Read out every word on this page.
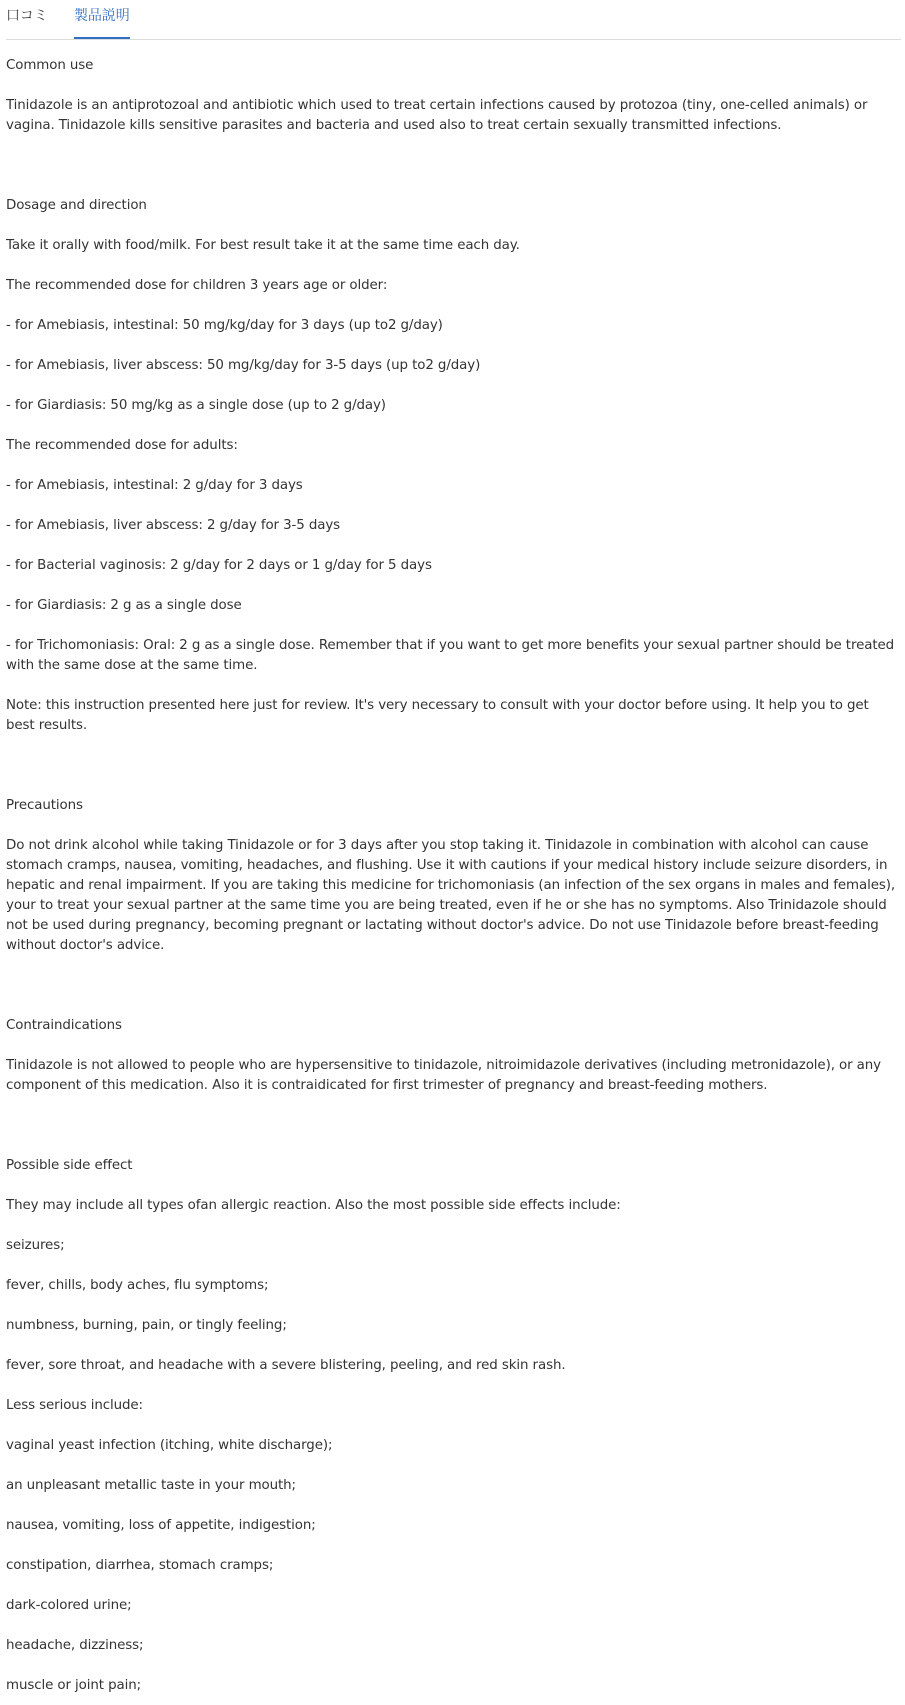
口コミ 製品説明
Common use

Tinidazole is an antiprotozoal and antibiotic which used to treat certain infections caused by protozoa (tiny, one-celled animals) or vagina. Tinidazole kills sensitive parasites and bacteria and used also to treat certain sexually transmitted infections.

Dosage and direction

Take it orally with food/milk. For best result take it at the same time each day.

The recommended dose for children 3 years age or older:

- for Amebiasis, intestinal: 50 mg/kg/day for 3 days (up to2 g/day)

- for Amebiasis, liver abscess: 50 mg/kg/day for 3-5 days (up to2 g/day)

- for Giardiasis: 50 mg/kg as a single dose (up to 2 g/day)

The recommended dose for adults:

- for Amebiasis, intestinal: 2 g/day for 3 days

- for Amebiasis, liver abscess: 2 g/day for 3-5 days

- for Bacterial vaginosis: 2 g/day for 2 days or 1 g/day for 5 days

- for Giardiasis: 2 g as a single dose

- for Trichomoniasis: Oral: 2 g as a single dose. Remember that if you want to get more benefits your sexual partner should be treated with the same dose at the same time.

Note: this instruction presented here just for review. It's very necessary to consult with your doctor before using. It help you to get best results.

Precautions

Do not drink alcohol while taking Tinidazole or for 3 days after you stop taking it. Tinidazole in combination with alcohol can cause stomach cramps, nausea, vomiting, headaches, and flushing. Use it with cautions if your medical history include seizure disorders, in hepatic and renal impairment. If you are taking this medicine for trichomoniasis (an infection of the sex organs in males and females), your to treat your sexual partner at the same time you are being treated, even if he or she has no symptoms. Also Trinidazole should not be used during pregnancy, becoming pregnant or lactating without doctor's advice. Do not use Tinidazole before breast-feeding without doctor's advice.

Contraindications

Tinidazole is not allowed to people who are hypersensitive to tinidazole, nitroimidazole derivatives (including metronidazole), or any component of this medication. Also it is contraidicated for first trimester of pregnancy and breast-feeding mothers.

Possible side effect

They may include all types ofan allergic reaction. Also the most possible side effects include:

seizures;

fever, chills, body aches, flu symptoms;

numbness, burning, pain, or tingly feeling;

fever, sore throat, and headache with a severe blistering, peeling, and red skin rash.

Less serious include:

vaginal yeast infection (itching, white discharge);

an unpleasant metallic taste in your mouth;

nausea, vomiting, loss of appetite, indigestion;

constipation, diarrhea, stomach cramps;

dark-colored urine;

headache, dizziness;

muscle or joint pain;
